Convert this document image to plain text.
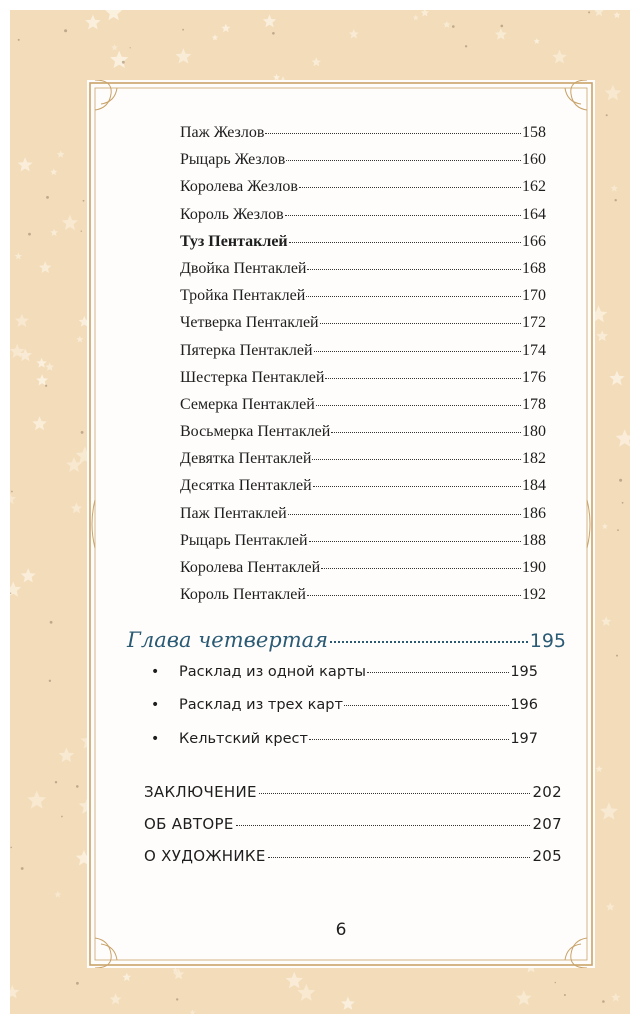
Паж Жезлов	158
Рыцарь Жезлов	160
Королева Жезлов	162
Король Жезлов	164
Туз Пентаклей	166
Двойка Пентаклей	168
Тройка Пентаклей	170
Четверка Пентаклей	172
Пятерка Пентаклей	174
Шестерка Пентаклей	176
Семерка Пентаклей	178
Восьмерка Пентаклей	180
Девятка Пентаклей	182
Десятка Пентаклей	184
Паж Пентаклей	186
Рыцарь Пентаклей	188
Королева Пентаклей	190
Король Пентаклей	192
Глава четвертая	195
•	Расклад из одной карты	195
•	Расклад из трех карт	196
•	Кельтский крест	197
ЗАКЛЮЧЕНИЕ	202
ОБ АВТОРЕ	207
О ХУДОЖНИКЕ	205
6
